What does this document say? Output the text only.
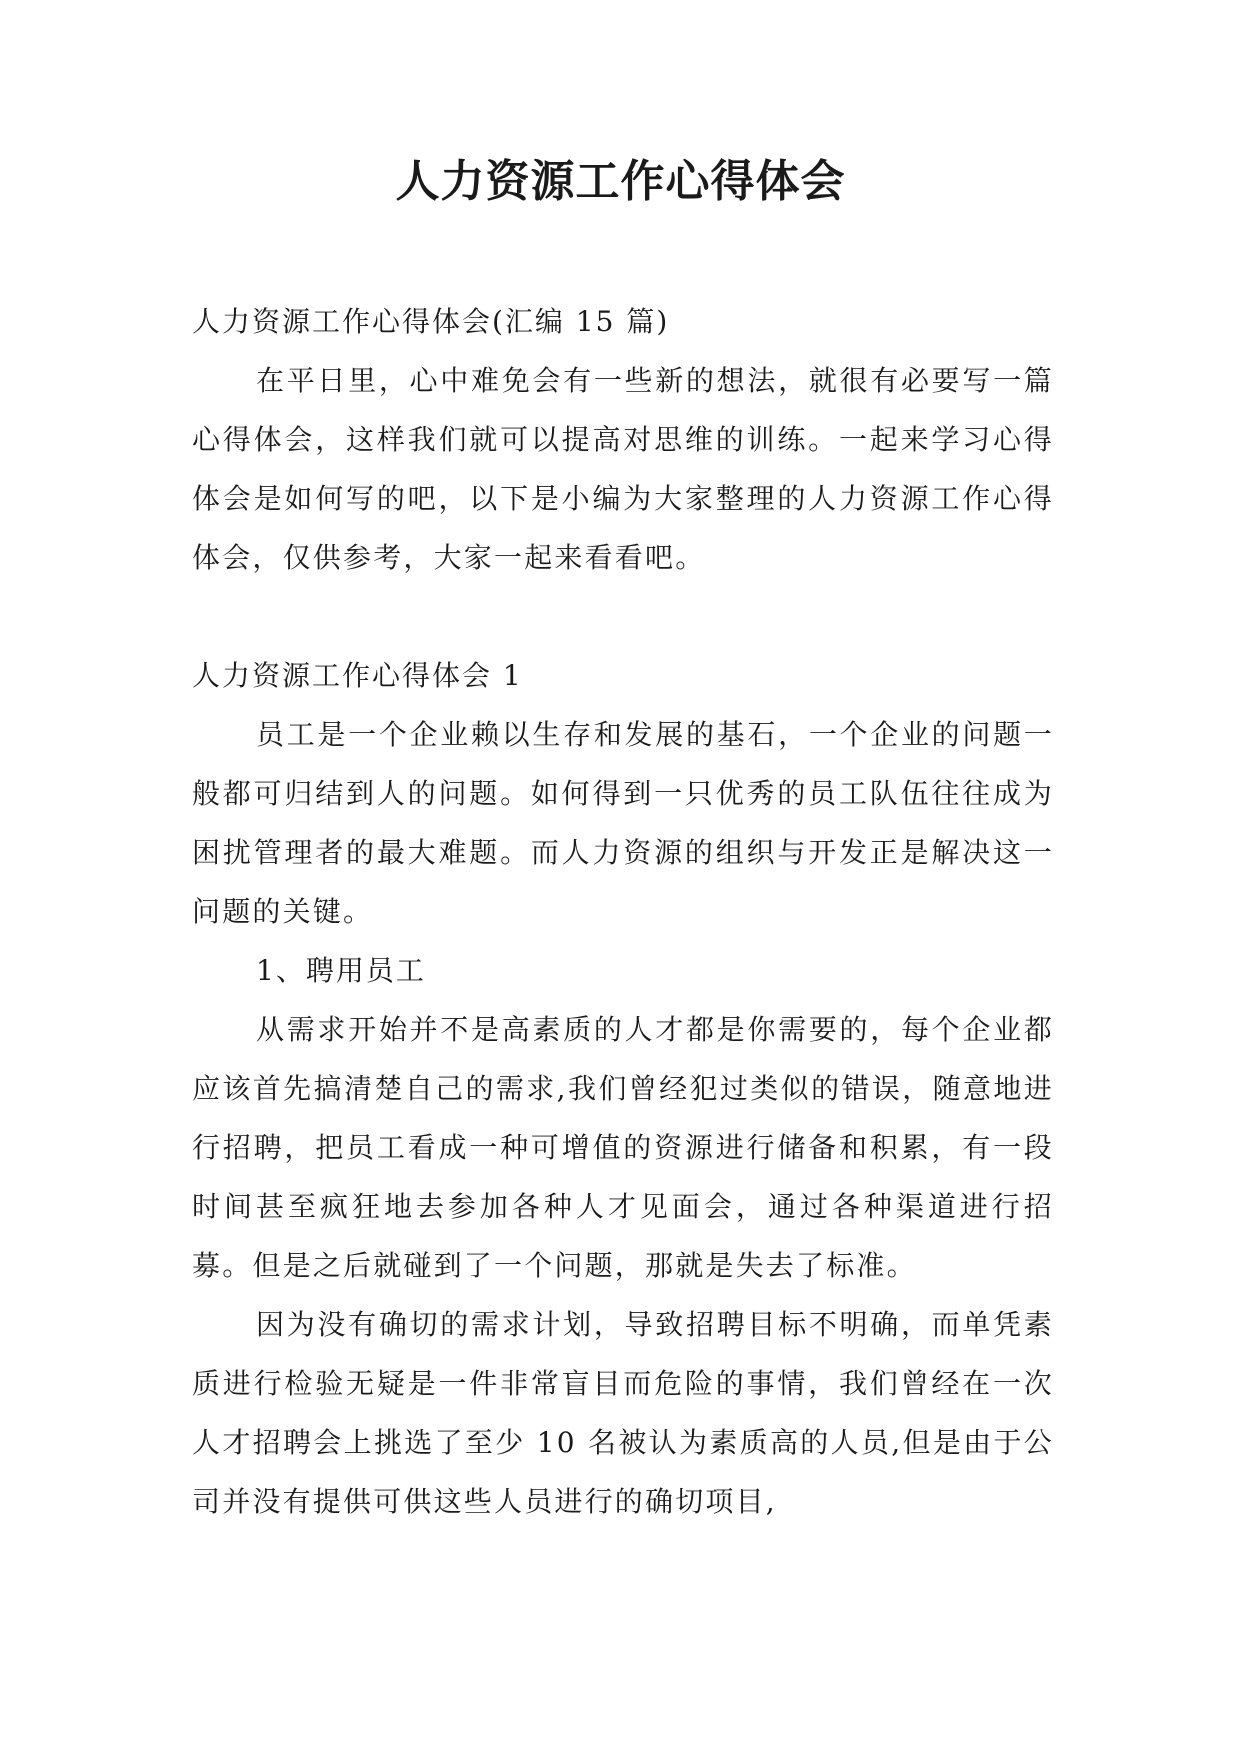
人力资源工作心得体会

人力资源工作心得体会(汇编 15 篇)

在平日里，心中难免会有一些新的想法，就很有必要写一篇心得体会，这样我们就可以提高对思维的训练。一起来学习心得体会是如何写的吧，以下是小编为大家整理的人力资源工作心得体会，仅供参考，大家一起来看看吧。

人力资源工作心得体会 1

员工是一个企业赖以生存和发展的基石，一个企业的问题一般都可归结到人的问题。如何得到一只优秀的员工队伍往往成为困扰管理者的最大难题。而人力资源的组织与开发正是解决这一问题的关键。

1、聘用员工

从需求开始并不是高素质的人才都是你需要的，每个企业都应该首先搞清楚自己的需求,我们曾经犯过类似的错误，随意地进行招聘，把员工看成一种可增值的资源进行储备和积累，有一段时间甚至疯狂地去参加各种人才见面会，通过各种渠道进行招募。但是之后就碰到了一个问题，那就是失去了标准。

因为没有确切的需求计划，导致招聘目标不明确，而单凭素质进行检验无疑是一件非常盲目而危险的事情，我们曾经在一次人才招聘会上挑选了至少 10 名被认为素质高的人员,但是由于公司并没有提供可供这些人员进行的确切项目,
